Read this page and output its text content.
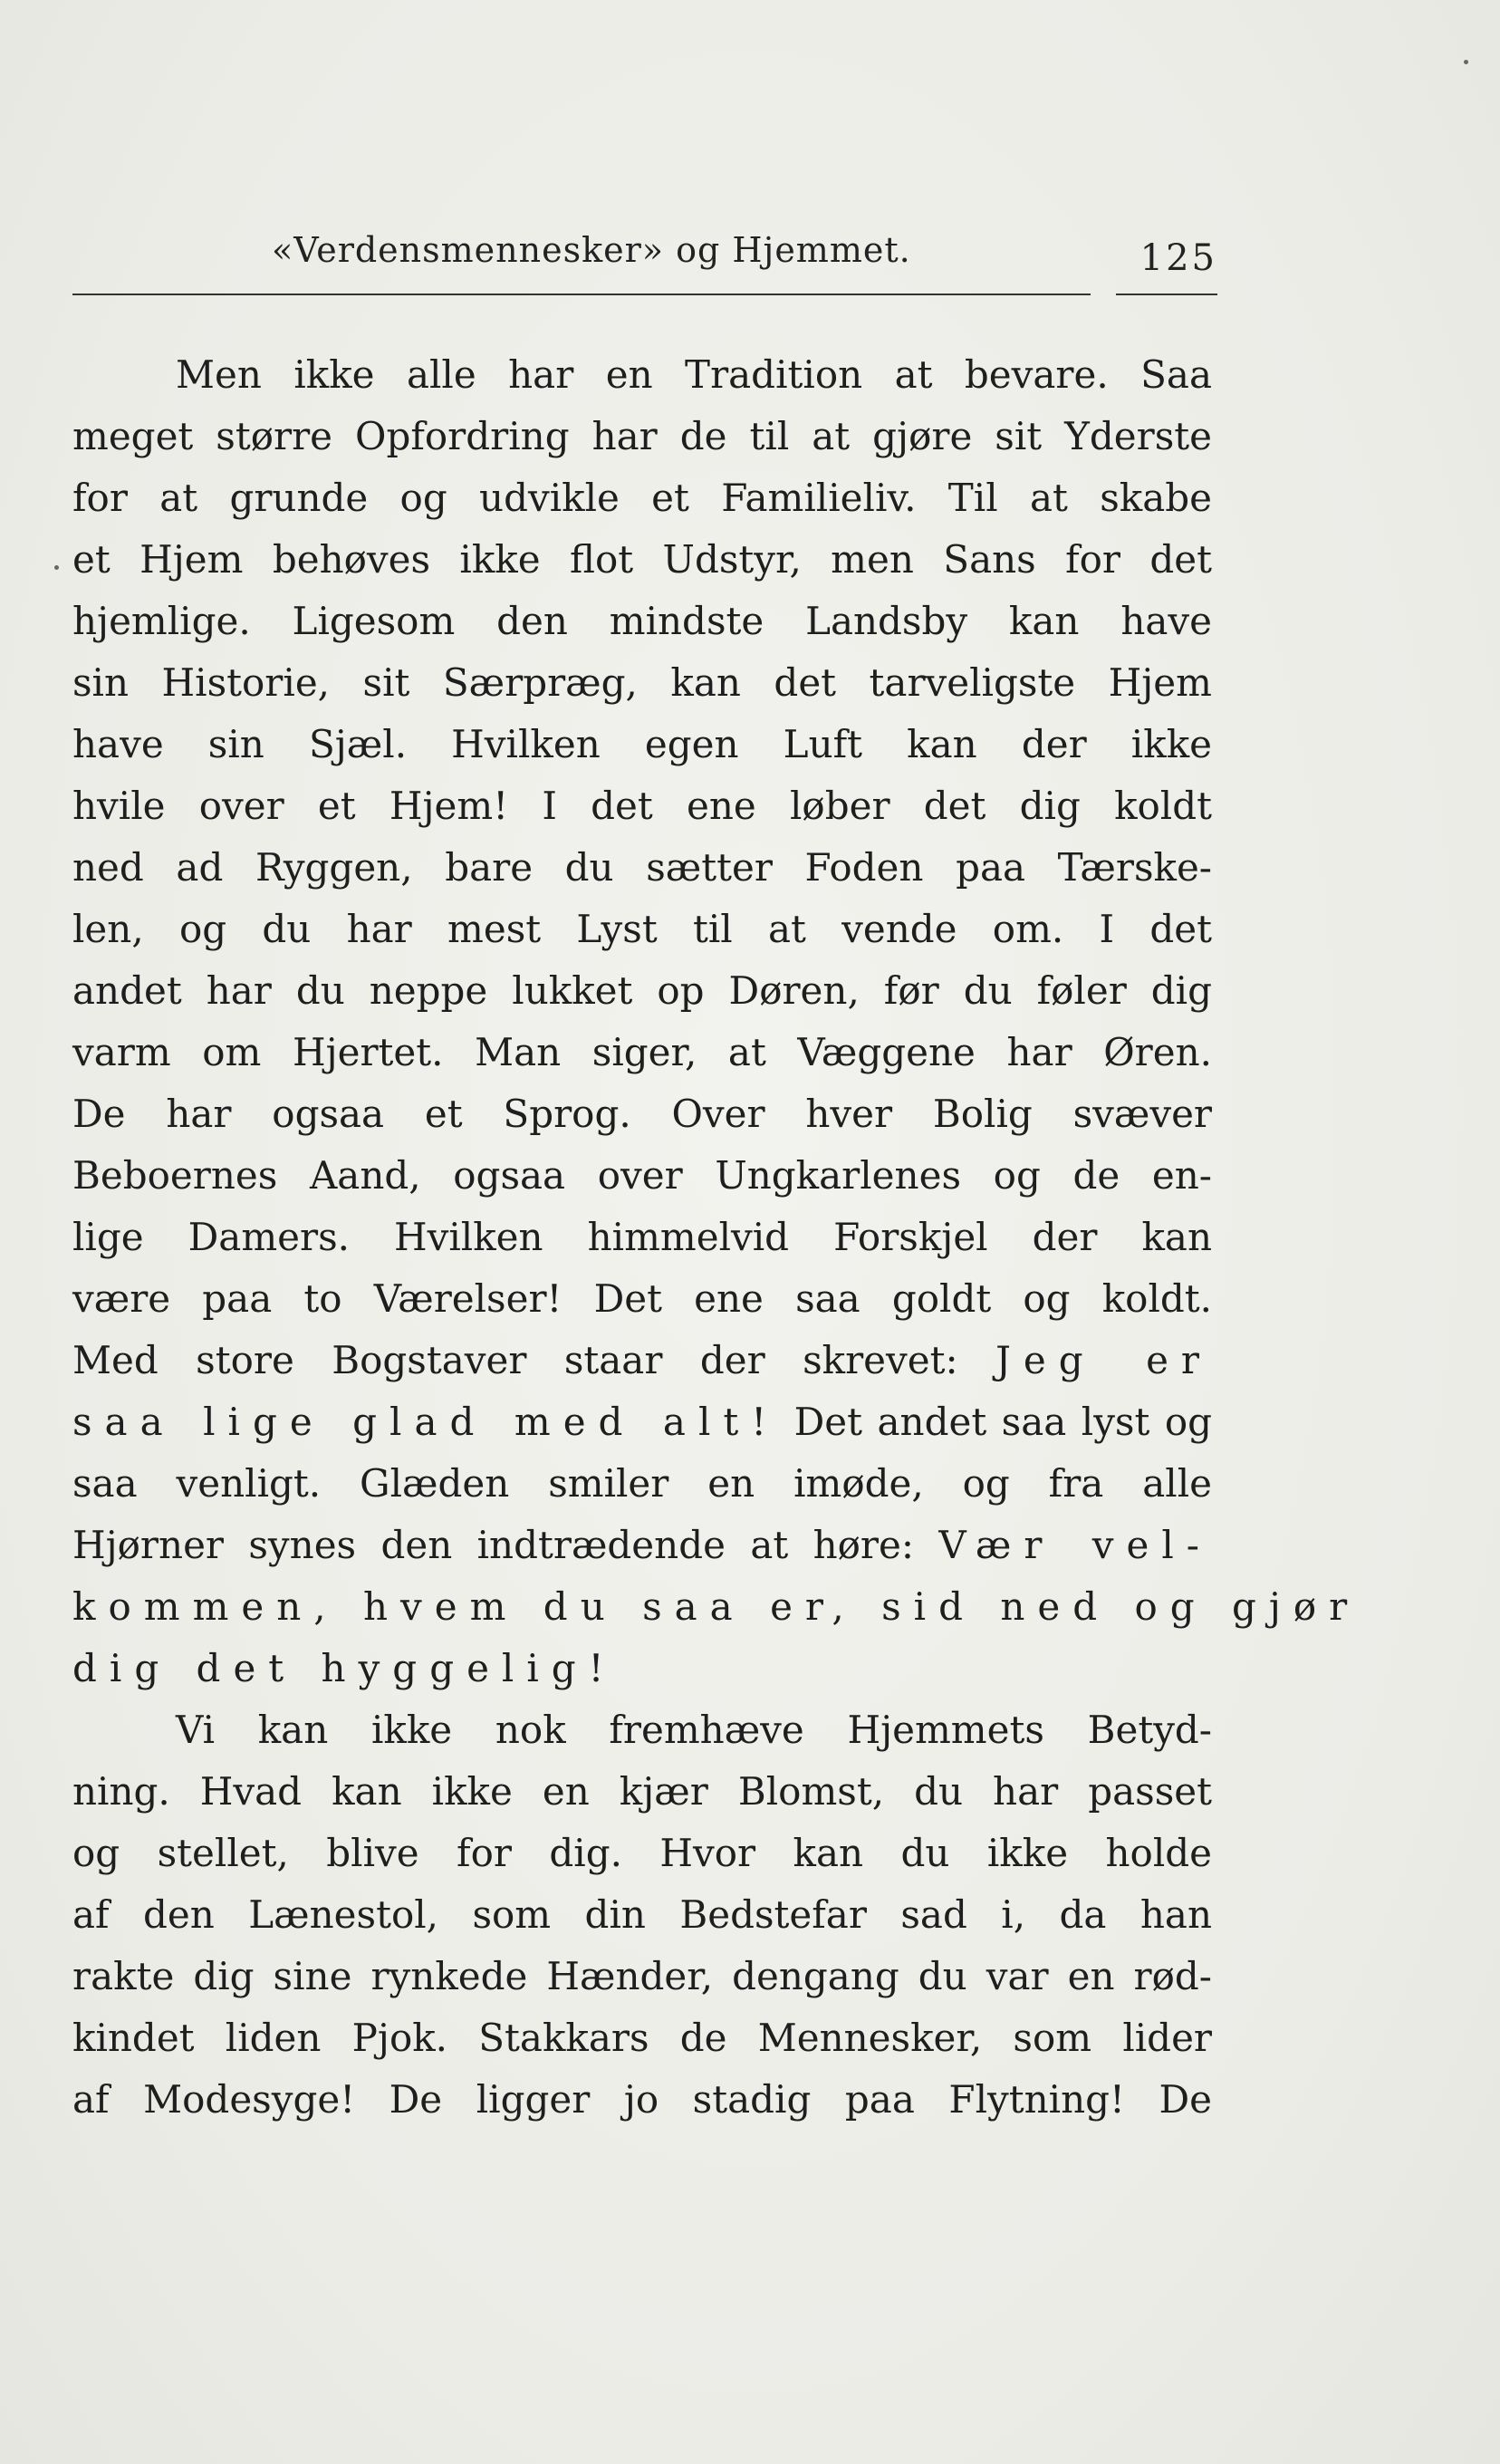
«Verdensmennesker» og Hjemmet.	125
Men ikke alle har en Tradition at bevare. Saa
meget større Opfordring har de til at gjøre sit Yderste
for at grunde og udvikle et Familieliv. Til at skabe
et Hjem behøves ikke flot Udstyr, men Sans for det
hjemlige. Ligesom den mindste Landsby kan have
sin Historie, sit Særpræg, kan det tarveligste Hjem
have sin Sjæl. Hvilken egen Luft kan der ikke
hvile over et Hjem! I det ene løber det dig koldt
ned ad Ryggen, bare du sætter Foden paa Tærske-
len, og du har mest Lyst til at vende om. I det
andet har du neppe lukket op Døren, før du føler dig
varm om Hjertet. Man siger, at Væggene har Øren.
De har ogsaa et Sprog. Over hver Bolig svæver
Beboernes Aand, ogsaa over Ungkarlenes og de en-
lige Damers. Hvilken himmelvid Forskjel der kan
være paa to Værelser! Det ene saa goldt og koldt.
Med store Bogstaver staar der skrevet: Jeg er
saa lige glad med alt! Det andet saa lyst og
saa venligt. Glæden smiler en imøde, og fra alle
Hjørner synes den indtrædende at høre: Vær vel-
kommen, hvem du saa er, sid ned og gjør
dig det hyggelig!
Vi kan ikke nok fremhæve Hjemmets Betyd-
ning. Hvad kan ikke en kjær Blomst, du har passet
og stellet, blive for dig. Hvor kan du ikke holde
af den Lænestol, som din Bedstefar sad i, da han
rakte dig sine rynkede Hænder, dengang du var en rød-
kindet liden Pjok. Stakkars de Mennesker, som lider
af Modesyge! De ligger jo stadig paa Flytning! De
